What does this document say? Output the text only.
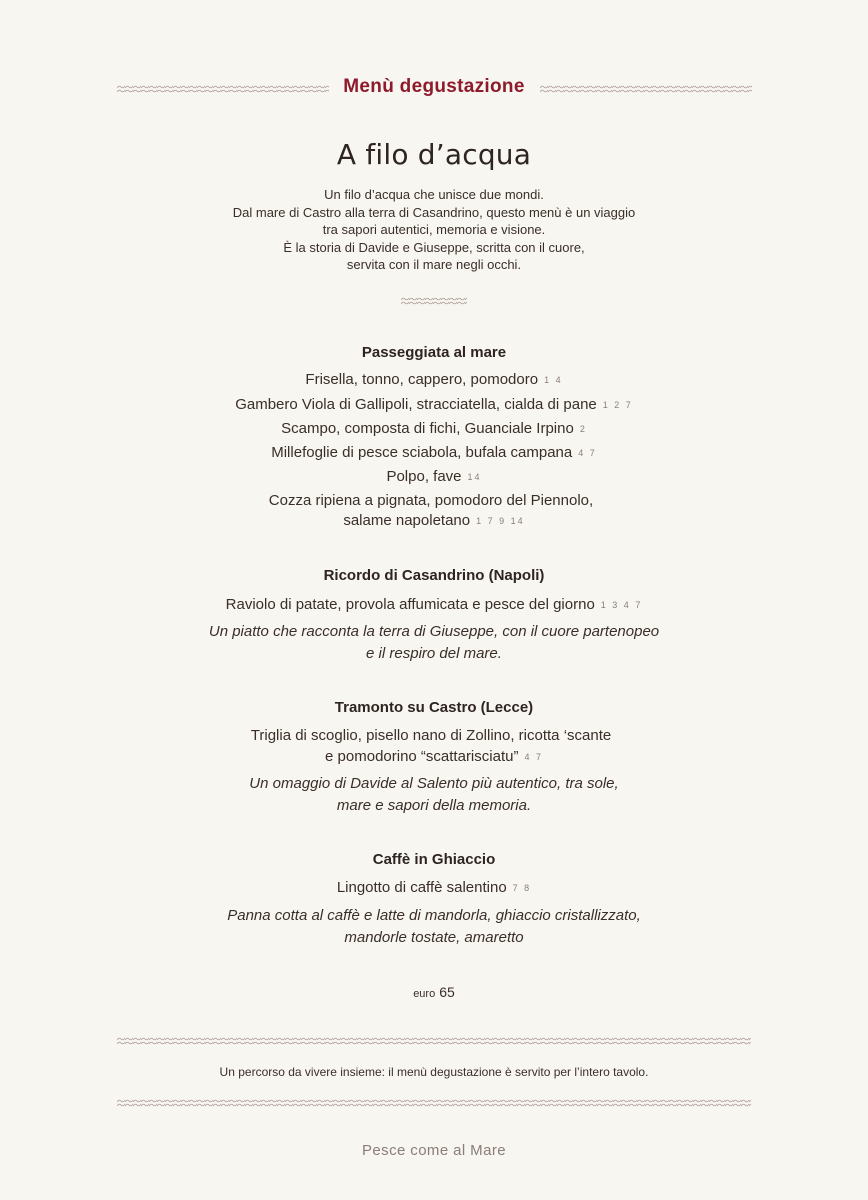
Menù degustazione
A filo d’acqua
Un filo d’acqua che unisce due mondi.
Dal mare di Castro alla terra di Casandrino, questo menù è un viaggio
tra sapori autentici, memoria e visione.
È la storia di Davide e Giuseppe, scritta con il cuore,
servita con il mare negli occhi.
Passeggiata al mare
Frisella, tonno, cappero, pomodoro 1 4
Gambero Viola di Gallipoli, stracciatella, cialda di pane 1 2 7
Scampo, composta di fichi, Guanciale Irpino 2
Millefoglie di pesce sciabola, bufala campana 4 7
Polpo, fave 14
Cozza ripiena a pignata, pomodoro del Piennolo,
salame napoletano 1 7 9 14
Ricordo di Casandrino (Napoli)
Raviolo di patate, provola affumicata e pesce del giorno 1 3 4 7
Un piatto che racconta la terra di Giuseppe, con il cuore partenopeo
e il respiro del mare.
Tramonto su Castro (Lecce)
Triglia di scoglio, pisello nano di Zollino, ricotta ‘scante
e pomodorino “scattarisciatu” 4 7
Un omaggio di Davide al Salento più autentico, tra sole,
mare e sapori della memoria.
Caffè in Ghiaccio
Lingotto di caffè salentino 7 8
Panna cotta al caffè e latte di mandorla, ghiaccio cristallizzato,
mandorle tostate, amaretto
euro 65
Un percorso da vivere insieme: il menù degustazione è servito per l’intero tavolo.
Pesce come al Mare
